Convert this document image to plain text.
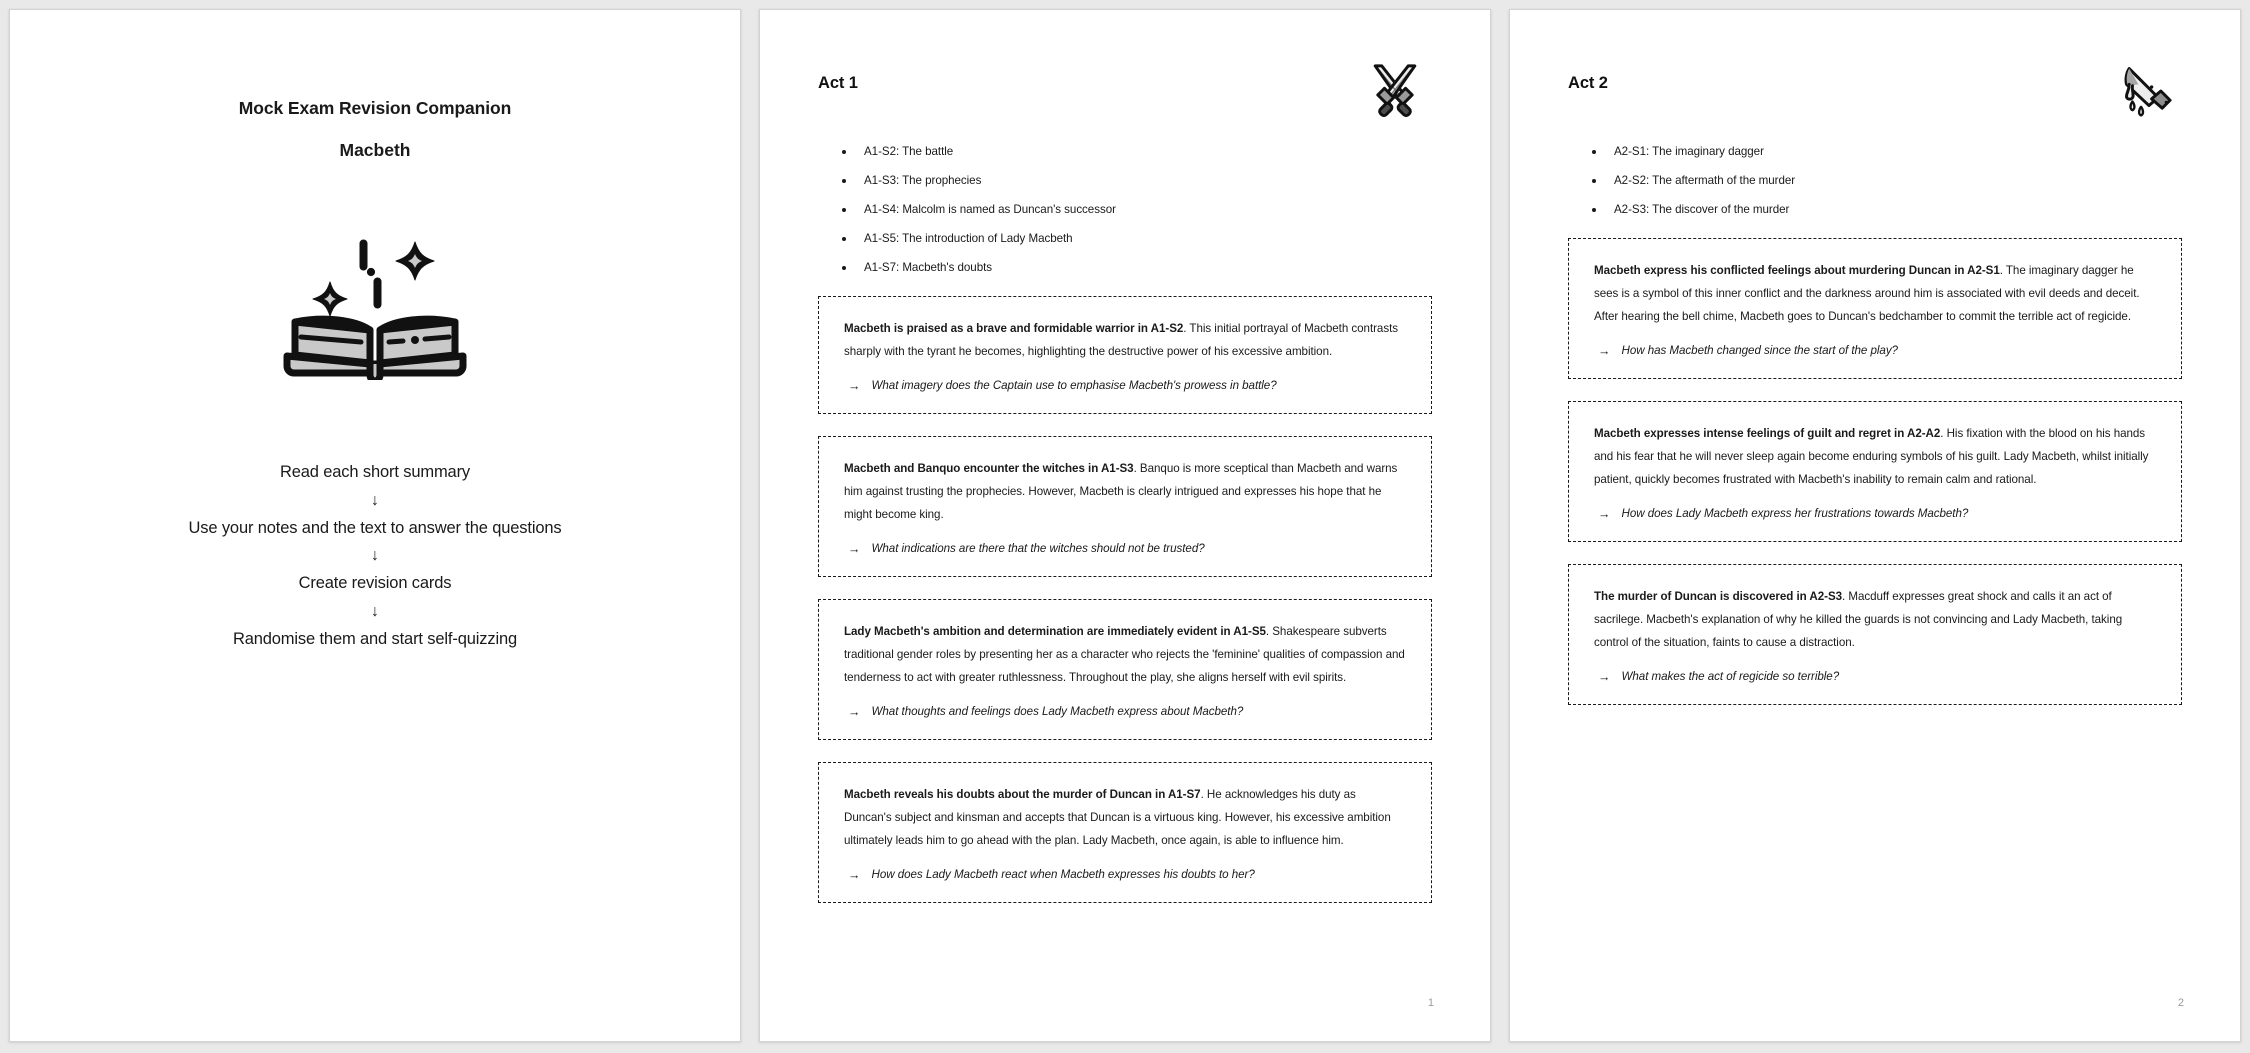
Mock Exam Revision Companion
Macbeth
Read each short summary
↓
Use your notes and the text to answer the questions
↓
Create revision cards
↓
Randomise them and start self-quizzing
Act 1
A1-S2: The battle
A1-S3: The prophecies
A1-S4: Malcolm is named as Duncan's successor
A1-S5: The introduction of Lady Macbeth
A1-S7: Macbeth's doubts
Macbeth is praised as a brave and formidable warrior in A1-S2. This initial portrayal of Macbeth contrasts sharply with the tyrant he becomes, highlighting the destructive power of his excessive ambition.
→ What imagery does the Captain use to emphasise Macbeth's prowess in battle?
Macbeth and Banquo encounter the witches in A1-S3. Banquo is more sceptical than Macbeth and warns him against trusting the prophecies. However, Macbeth is clearly intrigued and expresses his hope that he might become king.
→ What indications are there that the witches should not be trusted?
Lady Macbeth's ambition and determination are immediately evident in A1-S5. Shakespeare subverts traditional gender roles by presenting her as a character who rejects the 'feminine' qualities of compassion and tenderness to act with greater ruthlessness. Throughout the play, she aligns herself with evil spirits.
→ What thoughts and feelings does Lady Macbeth express about Macbeth?
Macbeth reveals his doubts about the murder of Duncan in A1-S7. He acknowledges his duty as Duncan's subject and kinsman and accepts that Duncan is a virtuous king. However, his excessive ambition ultimately leads him to go ahead with the plan. Lady Macbeth, once again, is able to influence him.
→ How does Lady Macbeth react when Macbeth expresses his doubts to her?
1
Act 2
A2-S1: The imaginary dagger
A2-S2: The aftermath of the murder
A2-S3: The discover of the murder
Macbeth express his conflicted feelings about murdering Duncan in A2-S1. The imaginary dagger he sees is a symbol of this inner conflict and the darkness around him is associated with evil deeds and deceit. After hearing the bell chime, Macbeth goes to Duncan's bedchamber to commit the terrible act of regicide.
→ How has Macbeth changed since the start of the play?
Macbeth expresses intense feelings of guilt and regret in A2-A2. His fixation with the blood on his hands and his fear that he will never sleep again become enduring symbols of his guilt. Lady Macbeth, whilst initially patient, quickly becomes frustrated with Macbeth's inability to remain calm and rational.
→ How does Lady Macbeth express her frustrations towards Macbeth?
The murder of Duncan is discovered in A2-S3. Macduff expresses great shock and calls it an act of sacrilege. Macbeth's explanation of why he killed the guards is not convincing and Lady Macbeth, taking control of the situation, faints to cause a distraction.
→ What makes the act of regicide so terrible?
2
